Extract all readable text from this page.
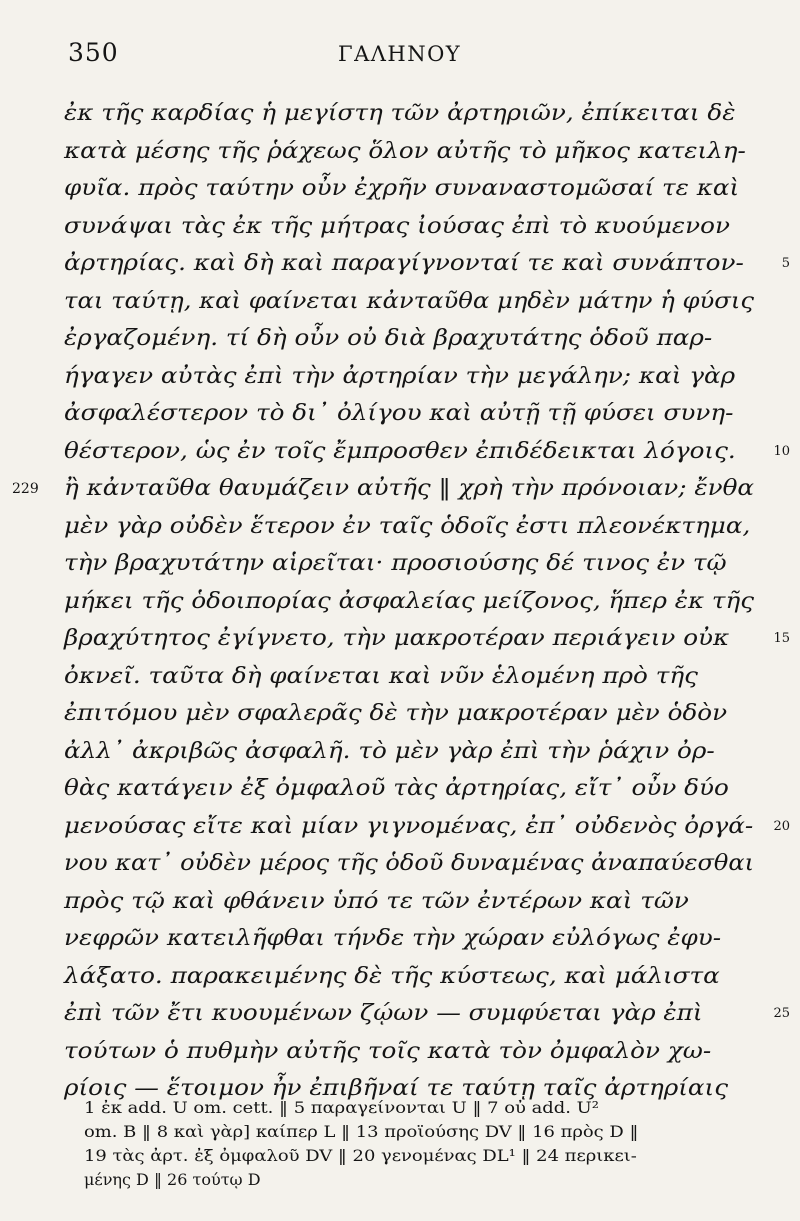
350	ΓΑΛΗΝΟΥ
ἐκ τῆς καρδίας ἡ μεγίστη τῶν ἀρτηριῶν, ἐπίκειται δὲ
κατὰ μέσης τῆς ῥάχεως ὅλον αὐτῆς τὸ μῆκος κατειλη-
φυῖα. πρὸς ταύτην οὖν ἐχρῆν συναναστομῶσαί τε καὶ
συνάψαι τὰς ἐκ τῆς μήτρας ἰούσας ἐπὶ τὸ κυούμενον
ἀρτηρίας. καὶ δὴ καὶ παραγίγνονταί τε καὶ συνάπτον-	5
ται ταύτῃ, καὶ φαίνεται κἀνταῦθα μηδὲν μάτην ἡ φύσις
ἐργαζομένη. τί δὴ οὖν οὐ διὰ βραχυτάτης ὁδοῦ παρ-
ήγαγεν αὐτὰς ἐπὶ τὴν ἀρτηρίαν τὴν μεγάλην; καὶ γὰρ
ἀσφαλέστερον τὸ δι᾽ ὀλίγου καὶ αὐτῇ τῇ φύσει συνη-
θέστερον, ὡς ἐν τοῖς ἔμπροσθεν ἐπιδέδεικται λόγοις.	10
ἢ κἀνταῦθα θαυμάζειν αὐτῆς ‖ χρὴ τὴν πρόνοιαν; ἔνθα
229
μὲν γὰρ οὐδὲν ἕτερον ἐν ταῖς ὁδοῖς ἐστι πλεονέκτημα,
τὴν βραχυτάτην αἱρεῖται· προσιούσης δέ τινος ἐν τῷ
μήκει τῆς ὁδοιπορίας ἀσφαλείας μείζονος, ἥπερ ἐκ τῆς
βραχύτητος ἐγίγνετο, τὴν μακροτέραν περιάγειν οὐκ	15
ὀκνεῖ. ταῦτα δὴ φαίνεται καὶ νῦν ἑλομένη πρὸ τῆς
ἐπιτόμου μὲν σφαλερᾶς δὲ τὴν μακροτέραν μὲν ὁδὸν
ἀλλ᾽ ἀκριβῶς ἀσφαλῆ. τὸ μὲν γὰρ ἐπὶ τὴν ῥάχιν ὀρ-
θὰς κατάγειν ἐξ ὀμφαλοῦ τὰς ἀρτηρίας, εἴτ᾽ οὖν δύο
μενούσας εἴτε καὶ μίαν γιγνομένας, ἐπ᾽ οὐδενὸς ὀργά-	20
νου κατ᾽ οὐδὲν μέρος τῆς ὁδοῦ δυναμένας ἀναπαύεσθαι
πρὸς τῷ καὶ φθάνειν ὑπό τε τῶν ἐντέρων καὶ τῶν
νεφρῶν κατειλῆφθαι τήνδε τὴν χώραν εὐλόγως ἐφυ-
λάξατο. παρακειμένης δὲ τῆς κύστεως, καὶ μάλιστα
ἐπὶ τῶν ἔτι κυουμένων ζῴων — συμφύεται γὰρ ἐπὶ	25
τούτων ὁ πυθμὴν αὐτῆς τοῖς κατὰ τὸν ὀμφαλὸν χω-
ρίοις — ἕτοιμον ἦν ἐπιβῆναί τε ταύτῃ ταῖς ἀρτηρίαις
1 ἐκ add. U om. cett. ‖ 5 παραγείνονται U ‖ 7 οὐ add. U²
om. B ‖ 8 καὶ γὰρ] καίπερ L ‖ 13 προϊούσης DV ‖ 16 πρὸς D ‖
19 τὰς ἀρτ. ἐξ ὀμφαλοῦ DV ‖ 20 γενομένας DL¹ ‖ 24 περικει-
μένης D ‖ 26 τούτῳ D
